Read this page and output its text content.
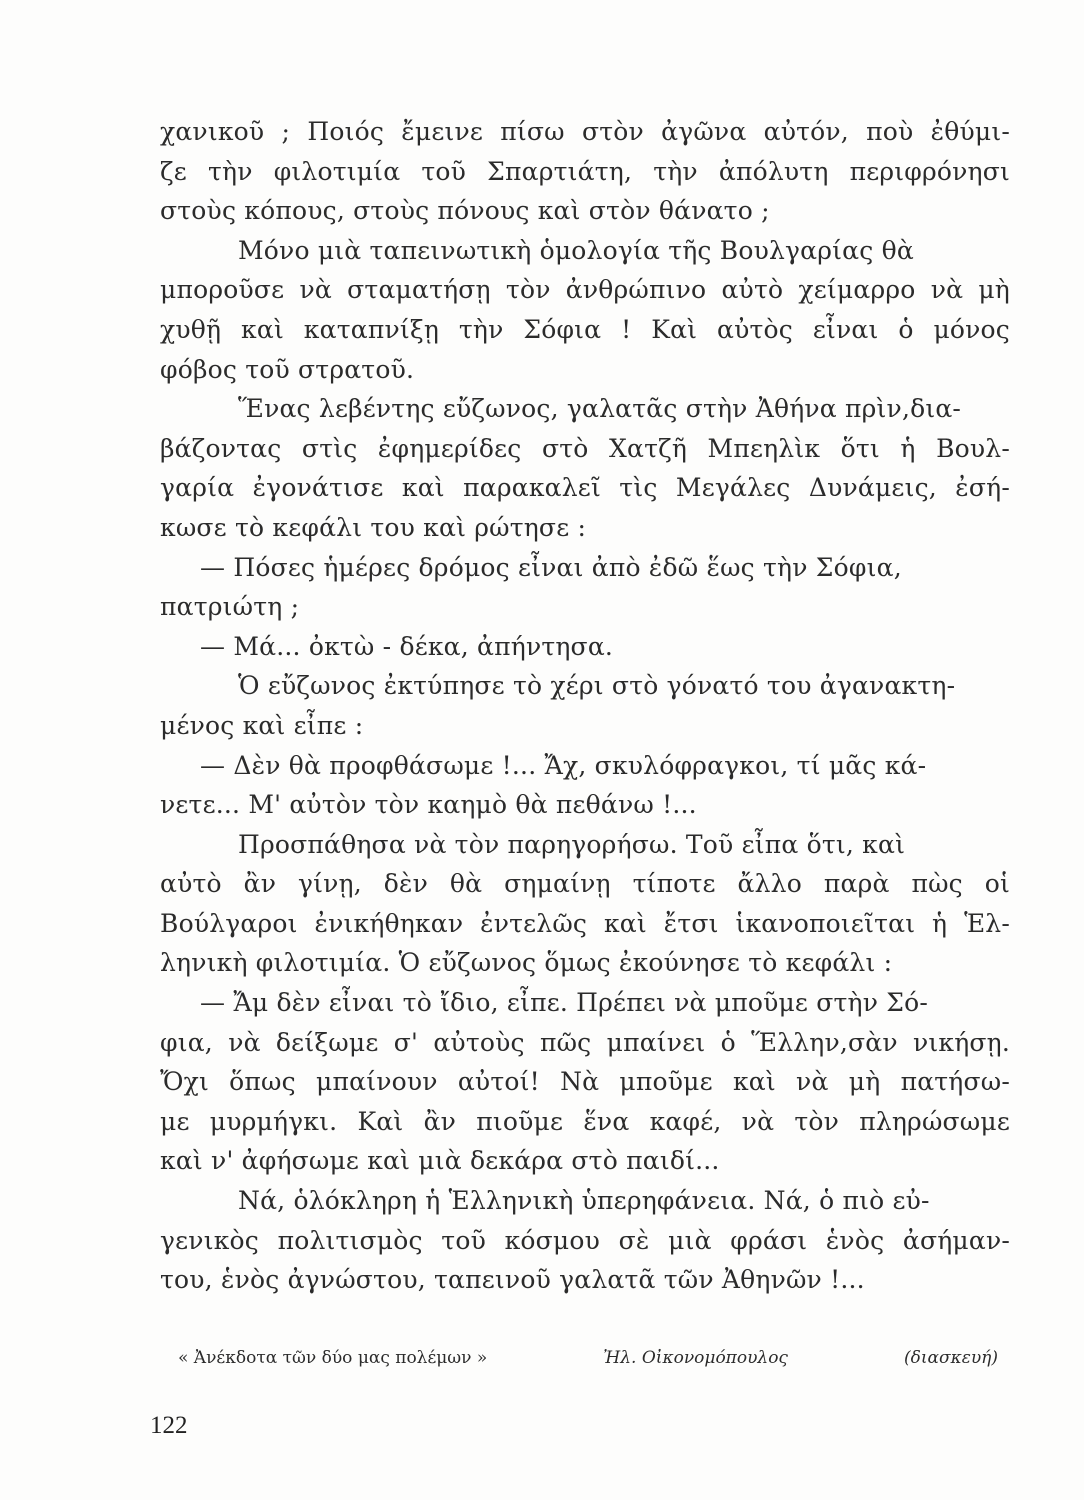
χανικοῦ ; Ποιός ἔμεινε πίσω στὸν ἀγῶνα αὐτόν, ποὺ ἐθύμι-
ζε τὴν φιλοτιμία τοῦ Σπαρτιάτη, τὴν ἀπόλυτη περιφρόνησι
στοὺς κόπους, στοὺς πόνους καὶ στὸν θάνατο ;
Μόνο μιὰ ταπεινωτικὴ ὁμολογία τῆς Βουλγαρίας θὰ
μποροῦσε νὰ σταματήσῃ τὸν ἀνθρώπινο αὐτὸ χείμαρρο νὰ μὴ
χυθῇ καὶ καταπνίξῃ τὴν Σόφια ! Καὶ αὐτὸς εἶναι ὁ μόνος
φόβος τοῦ στρατοῦ.
Ἕνας λεβέντης εὔζωνος, γαλατᾶς στὴν Ἀθήνα πρὶν,δια-
βάζοντας στὶς ἐφημερίδες στὸ Χατζῆ Μπεηλὶκ ὅτι ἡ Βουλ-
γαρία ἐγονάτισε καὶ παρακαλεῖ τὶς Μεγάλες Δυνάμεις, ἐσή-
κωσε τὸ κεφάλι του καὶ ρώτησε :
— Πόσες ἡμέρες δρόμος εἶναι ἀπὸ ἐδῶ ἕως τὴν Σόφια,
πατριώτη ;
— Μά... ὀκτὼ - δέκα, ἀπήντησα.
Ὁ εὔζωνος ἐκτύπησε τὸ χέρι στὸ γόνατό του ἀγανακτη-
μένος καὶ εἶπε :
— Δὲν θὰ προφθάσωμε !... Ἄχ, σκυλόφραγκοι, τί μᾶς κά-
νετε... Μ' αὐτὸν τὸν καημὸ θὰ πεθάνω !...
Προσπάθησα νὰ τὸν παρηγορήσω. Τοῦ εἶπα ὅτι, καὶ
αὐτὸ ἂν γίνῃ, δὲν θὰ σημαίνῃ τίποτε ἄλλο παρὰ πὼς οἱ
Βούλγαροι ἐνικήθηκαν ἐντελῶς καὶ ἔτσι ἱκανοποιεῖται ἡ Ἑλ-
ληνικὴ φιλοτιμία. Ὁ εὔζωνος ὅμως ἐκούνησε τὸ κεφάλι :
— Ἄμ δὲν εἶναι τὸ ἴδιο, εἶπε. Πρέπει νὰ μποῦμε στὴν Σό-
φια, νὰ δείξωμε σ' αὐτοὺς πῶς μπαίνει ὁ Ἕλλην,σὰν νικήσῃ.
Ὄχι ὅπως μπαίνουν αὐτοί! Νὰ μποῦμε καὶ νὰ μὴ πατήσω-
με μυρμήγκι. Καὶ ἂν πιοῦμε ἕνα καφέ, νὰ τὸν πληρώσωμε
καὶ ν' ἀφήσωμε καὶ μιὰ δεκάρα στὸ παιδί...
Νά, ὁλόκληρη ἡ Ἑλληνικὴ ὑπερηφάνεια. Νά, ὁ πιὸ εὐ-
γενικὸς πολιτισμὸς τοῦ κόσμου σὲ μιὰ φράσι ἑνὸς ἀσήμαν-
του, ἑνὸς ἀγνώστου, ταπεινοῦ γαλατᾶ τῶν Ἀθηνῶν !...
« Ἀνέκδοτα τῶν δύο μας πολέμων »	Ἠλ. Οἰκονομόπουλος	(διασκευή)
122
